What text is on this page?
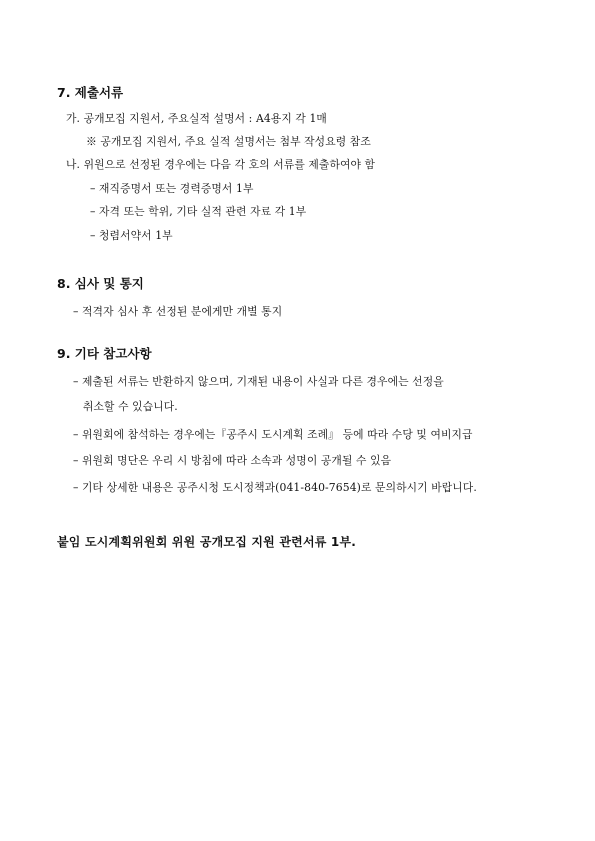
7. 제출서류
가. 공개모집 지원서, 주요실적 설명서 : A4용지 각 1매
※ 공개모집 지원서, 주요 실적 설명서는 첨부 작성요령 참조
나. 위원으로 선정된 경우에는 다음 각 호의 서류를 제출하여야 함
– 재직증명서 또는 경력증명서 1부
– 자격 또는 학위, 기타 실적 관련 자료 각 1부
– 청렴서약서 1부
8. 심사 및 통지
– 적격자 심사 후 선정된 분에게만 개별 통지
9. 기타 참고사항
– 제출된 서류는 반환하지 않으며, 기재된 내용이 사실과 다른 경우에는 선정을
취소할 수 있습니다.
– 위원회에 참석하는 경우에는『공주시 도시계획 조례』 등에 따라 수당 및 여비지급
– 위원회 명단은 우리 시 방침에 따라 소속과 성명이 공개될 수 있음
– 기타 상세한 내용은 공주시청 도시정책과(041-840-7654)로 문의하시기 바랍니다.
붙임 도시계획위원회 위원 공개모집 지원 관련서류 1부.
